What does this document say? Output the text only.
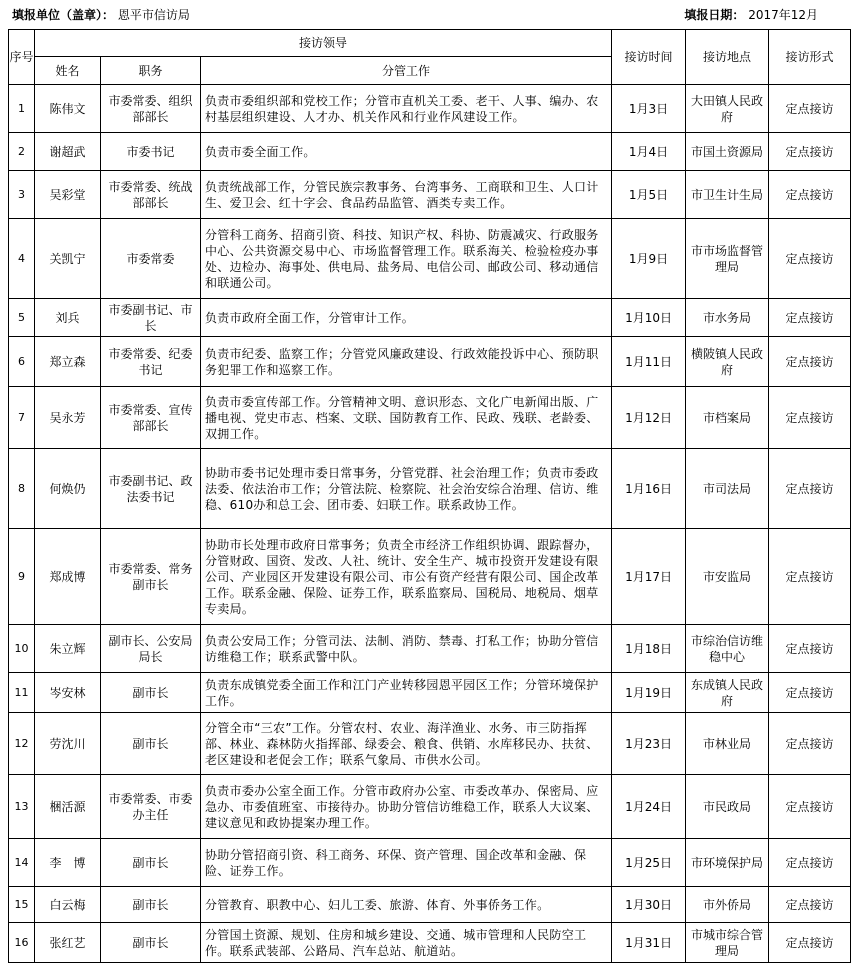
填报单位（盖章）： 恩平市信访局	填报日期： 2017年12月
序号	接访领导			接访时间	接访地点	接访形式
	姓名	职务	分管工作			
1	陈伟文	市委常委、组织部部长	负责市委组织部和党校工作；分管市直机关工委、老干、人事、编办、农村基层组织建设、人才办、机关作风和行业作风建设工作。	1月3日	大田镇人民政府	定点接访
2	谢超武	市委书记	负责市委全面工作。	1月4日	市国土资源局	定点接访
3	吴彩堂	市委常委、统战部部长	负责统战部工作，分管民族宗教事务、台湾事务、工商联和卫生、人口计生、爱卫会、红十字会、食品药品监管、酒类专卖工作。	1月5日	市卫生计生局	定点接访
4	关凯宁	市委常委	分管科工商务、招商引资、科技、知识产权、科协、防震减灾、行政服务中心、公共资源交易中心、市场监督管理工作。联系海关、检验检疫办事处、边检办、海事处、供电局、盐务局、电信公司、邮政公司、移动通信和联通公司。	1月9日	市市场监督管理局	定点接访
5	刘兵	市委副书记、市长	负责市政府全面工作，分管审计工作。	1月10日	市水务局	定点接访
6	郑立森	市委常委、纪委书记	负责市纪委、监察工作；分管党风廉政建设、行政效能投诉中心、预防职务犯罪工作和巡察工作。	1月11日	横陂镇人民政府	定点接访
7	吴永芳	市委常委、宣传部部长	负责市委宣传部工作。分管精神文明、意识形态、文化广电新闻出版、广播电视、党史市志、档案、文联、国防教育工作、民政、残联、老龄委、双拥工作。	1月12日	市档案局	定点接访
8	何焕仍	市委副书记、政法委书记	协助市委书记处理市委日常事务，分管党群、社会治理工作；负责市委政法委、依法治市工作；分管法院、检察院、社会治安综合治理、信访、维稳、610办和总工会、团市委、妇联工作。联系政协工作。	1月16日	市司法局	定点接访
9	郑成博	市委常委、常务副市长	协助市长处理市政府日常事务；负责全市经济工作组织协调、跟踪督办，分管财政、国资、发改、人社、统计、安全生产、城市投资开发建设有限公司、产业园区开发建设有限公司、市公有资产经营有限公司、国企改革工作。联系金融、保险、证券工作，联系监察局、国税局、地税局、烟草专卖局。	1月17日	市安监局	定点接访
10	朱立辉	副市长、公安局局长	负责公安局工作；分管司法、法制、消防、禁毒、打私工作；协助分管信访维稳工作；联系武警中队。	1月18日	市综治信访维稳中心	定点接访
11	岑安林	副市长	负责东成镇党委全面工作和江门产业转移园恩平园区工作；分管环境保护工作。	1月19日	东成镇人民政府	定点接访
12	劳沈川	副市长	分管全市“三农”工作。分管农村、农业、海洋渔业、水务、市三防指挥部、林业、森林防火指挥部、绿委会、粮食、供销、水库移民办、扶贫、老区建设和老促会工作；联系气象局、市供水公司。	1月23日	市林业局	定点接访
13	梱活源	市委常委、市委办主任	负责市委办公室全面工作。分管市政府办公室、市委改革办、保密局、应急办、市委值班室、市接待办。协助分管信访维稳工作，联系人大议案、建议意见和政协提案办理工作。	1月24日	市民政局	定点接访
14	李　博	副市长	协助分管招商引资、科工商务、环保、资产管理、国企改革和金融、保险、证券工作。	1月25日	市环境保护局	定点接访
15	白云梅	副市长	分管教育、职教中心、妇儿工委、旅游、体育、外事侨务工作。	1月30日	市外侨局	定点接访
16	张红艺	副市长	分管国土资源、规划、住房和城乡建设、交通、城市管理和人民防空工作。联系武装部、公路局、汽车总站、航道站。	1月31日	市城市综合管理局	定点接访
